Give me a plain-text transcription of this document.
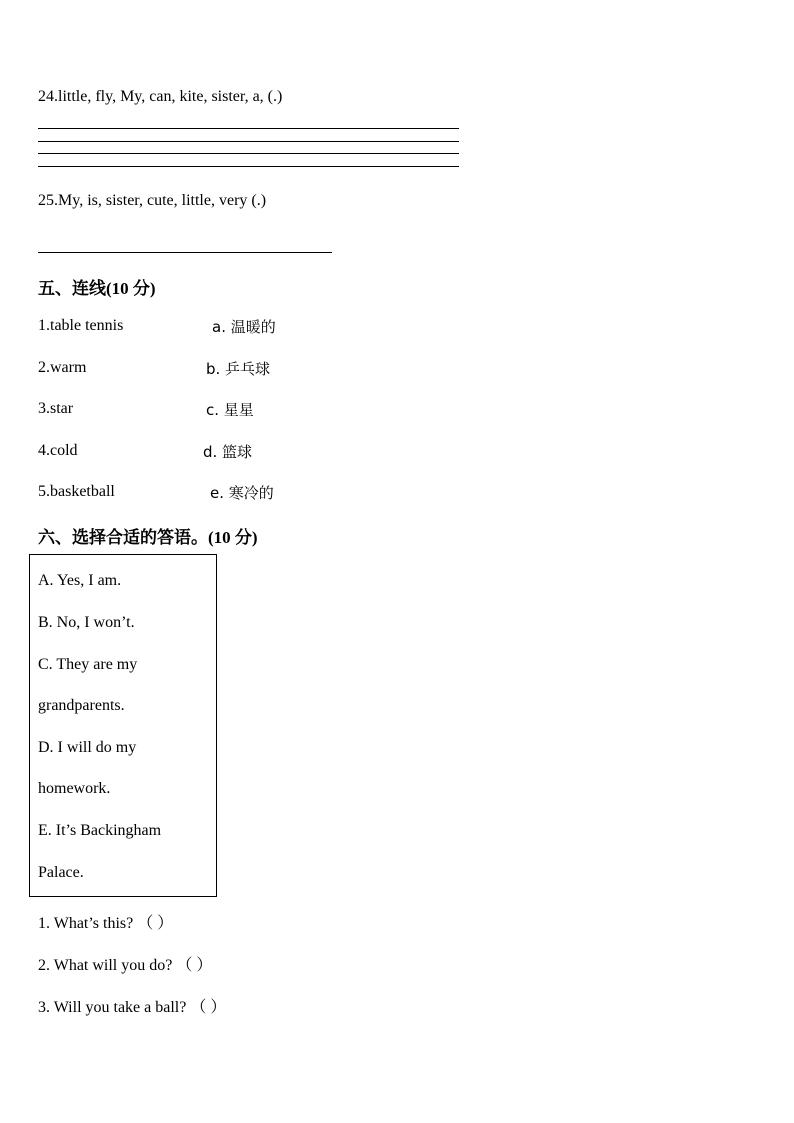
24.little, fly, My, can, kite, sister, a, (.)
25.My, is, sister, cute, little, very (.)
五、连线(10 分)
1.table tennis	a. 温暖的
2.warm	b. 乒乓球
3.star	c. 星星
4.cold	d. 篮球
5.basketball	e. 寒冷的
六、选择合适的答语。(10 分)
A. Yes, I am.
B. No, I won’t.
C. They are my
grandparents.
D. I will do my
homework.
E. It’s Backingham
Palace.
1. What’s this? （ ）
2. What will you do? （ ）
3. Will you take a ball? （ ）
